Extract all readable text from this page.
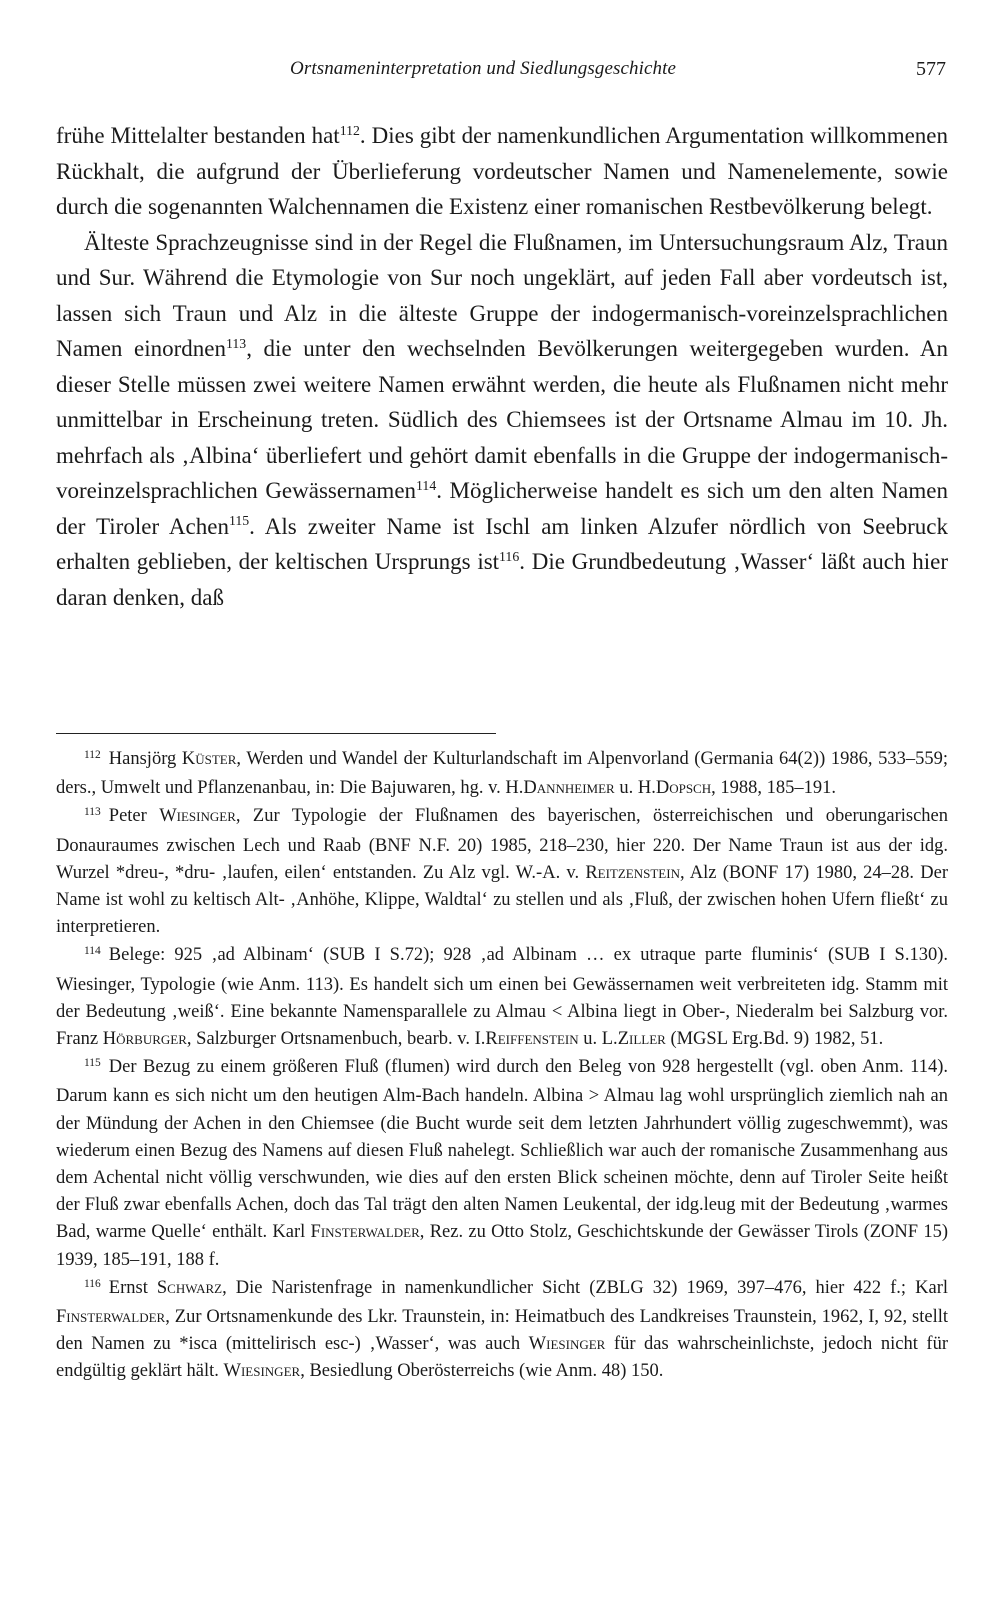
Ortsnameninterpretation und Siedlungsgeschichte	577

frühe Mittelalter bestanden hat$^{112}$. Dies gibt der namenkundlichen Argumentation willkommenen Rückhalt, die aufgrund der Überlieferung vordeutscher Namen und Namenelemente, sowie durch die sogenannten Walchennamen die Existenz einer romanischen Restbevölkerung belegt.

Älteste Sprachzeugnisse sind in der Regel die Flußnamen, im Untersuchungsraum Alz, Traun und Sur. Während die Etymologie von Sur noch ungeklärt, auf jeden Fall aber vordeutsch ist, lassen sich Traun und Alz in die älteste Gruppe der indogermanisch-voreinzelsprachlichen Namen einordnen$^{113}$, die unter den wechselnden Bevölkerungen weitergegeben wurden. An dieser Stelle müssen zwei weitere Namen erwähnt werden, die heute als Flußnamen nicht mehr unmittelbar in Erscheinung treten. Südlich des Chiemsees ist der Ortsname Almau im 10. Jh. mehrfach als ‚Albina‘ überliefert und gehört damit ebenfalls in die Gruppe der indogermanisch-voreinzelsprachlichen Gewässernamen$^{114}$. Möglicherweise handelt es sich um den alten Namen der Tiroler Achen$^{115}$. Als zweiter Name ist Ischl am linken Alzufer nördlich von Seebruck erhalten geblieben, der keltischen Ursprungs ist$^{116}$. Die Grundbedeutung ‚Wasser‘ läßt auch hier daran denken, daß

$^{112}$ Hansjörg Küster, Werden und Wandel der Kulturlandschaft im Alpenvorland (Germania 64(2)) 1986, 533–559; ders., Umwelt und Pflanzenanbau, in: Die Bajuwaren, hg. v. H.Dannheimer u. H.Dopsch, 1988, 185–191.

$^{113}$ Peter Wiesinger, Zur Typologie der Flußnamen des bayerischen, österreichischen und oberungarischen Donauraumes zwischen Lech und Raab (BNF N.F. 20) 1985, 218–230, hier 220. Der Name Traun ist aus der idg. Wurzel *dreu-, *dru- ‚laufen, eilen‘ entstanden. Zu Alz vgl. W.-A. v. Reitzenstein, Alz (BONF 17) 1980, 24–28. Der Name ist wohl zu keltisch Alt- ‚Anhöhe, Klippe, Waldtal‘ zu stellen und als ‚Fluß, der zwischen hohen Ufern fließt‘ zu interpretieren.

$^{114}$ Belege: 925 ‚ad Albinam‘ (SUB I S.72); 928 ‚ad Albinam … ex utraque parte fluminis‘ (SUB I S.130). Wiesinger, Typologie (wie Anm. 113). Es handelt sich um einen bei Gewässernamen weit verbreiteten idg. Stamm mit der Bedeutung ‚weiß‘. Eine bekannte Namensparallele zu Almau < Albina liegt in Ober-, Niederalm bei Salzburg vor. Franz Hörburger, Salzburger Ortsnamenbuch, bearb. v. I.Reiffenstein u. L.Ziller (MGSL Erg.Bd. 9) 1982, 51.

$^{115}$ Der Bezug zu einem größeren Fluß (flumen) wird durch den Beleg von 928 hergestellt (vgl. oben Anm. 114). Darum kann es sich nicht um den heutigen Alm-Bach handeln. Albina > Almau lag wohl ursprünglich ziemlich nah an der Mündung der Achen in den Chiemsee (die Bucht wurde seit dem letzten Jahrhundert völlig zugeschwemmt), was wiederum einen Bezug des Namens auf diesen Fluß nahelegt. Schließlich war auch der romanische Zusammenhang aus dem Achental nicht völlig verschwunden, wie dies auf den ersten Blick scheinen möchte, denn auf Tiroler Seite heißt der Fluß zwar ebenfalls Achen, doch das Tal trägt den alten Namen Leukental, der idg.leug mit der Bedeutung ‚warmes Bad, warme Quelle‘ enthält. Karl Finsterwalder, Rez. zu Otto Stolz, Geschichtskunde der Gewässer Tirols (ZONF 15) 1939, 185–191, 188 f.

$^{116}$ Ernst Schwarz, Die Naristenfrage in namenkundlicher Sicht (ZBLG 32) 1969, 397–476, hier 422 f.; Karl Finsterwalder, Zur Ortsnamenkunde des Lkr. Traunstein, in: Heimatbuch des Landkreises Traunstein, 1962, I, 92, stellt den Namen zu *isca (mittelirisch esc-) ‚Wasser‘, was auch Wiesinger für das wahrscheinlichste, jedoch nicht für endgültig geklärt hält. Wiesinger, Besiedlung Oberösterreichs (wie Anm. 48) 150.
